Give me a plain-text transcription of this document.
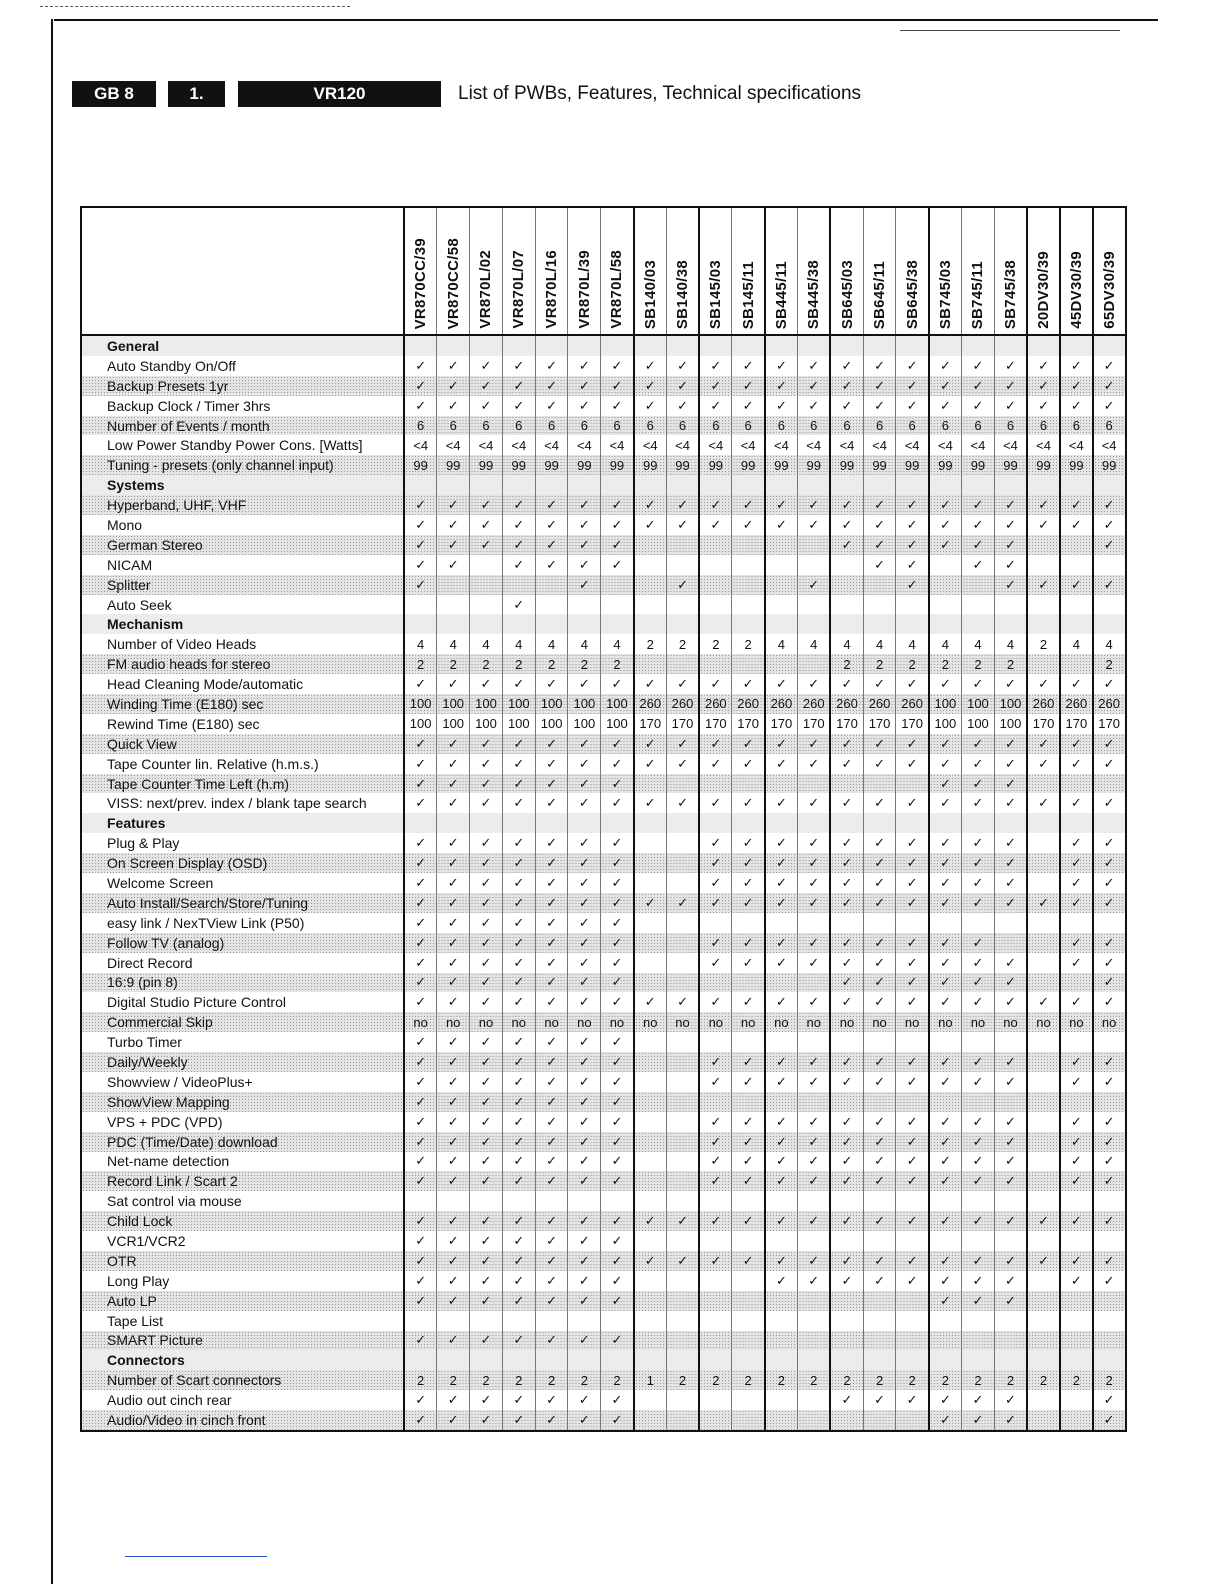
GB 8	1.	VR120	List of PWBs, Features, Technical specifications
	VR870CC/39	VR870CC/58	VR870L/02	VR870L/07	VR870L/16	VR870L/39	VR870L/58	SB140/03	SB140/38	SB145/03	SB145/11	SB445/11	SB445/38	SB645/03	SB645/11	SB645/38	SB745/03	SB745/11	SB745/38	20DV30/39	45DV30/39	65DV30/39
General																						
Auto Standby On/Off	✓	✓	✓	✓	✓	✓	✓	✓	✓	✓	✓	✓	✓	✓	✓	✓	✓	✓	✓	✓	✓	✓
Backup Presets 1yr	✓	✓	✓	✓	✓	✓	✓	✓	✓	✓	✓	✓	✓	✓	✓	✓	✓	✓	✓	✓	✓	✓
Backup Clock / Timer 3hrs	✓	✓	✓	✓	✓	✓	✓	✓	✓	✓	✓	✓	✓	✓	✓	✓	✓	✓	✓	✓	✓	✓
Number of Events / month	6	6	6	6	6	6	6	6	6	6	6	6	6	6	6	6	6	6	6	6	6	6
Low Power Standby Power Cons. [Watts]	<4	<4	<4	<4	<4	<4	<4	<4	<4	<4	<4	<4	<4	<4	<4	<4	<4	<4	<4	<4	<4	<4
Tuning - presets (only channel input)	99	99	99	99	99	99	99	99	99	99	99	99	99	99	99	99	99	99	99	99	99	99
Systems																						
Hyperband, UHF, VHF	✓	✓	✓	✓	✓	✓	✓	✓	✓	✓	✓	✓	✓	✓	✓	✓	✓	✓	✓	✓	✓	✓
Mono	✓	✓	✓	✓	✓	✓	✓	✓	✓	✓	✓	✓	✓	✓	✓	✓	✓	✓	✓	✓	✓	✓
German Stereo	✓	✓	✓	✓	✓	✓	✓							✓	✓	✓	✓	✓	✓			✓
NICAM	✓	✓		✓	✓	✓	✓								✓	✓		✓	✓			
Splitter	✓					✓			✓				✓			✓			✓	✓	✓	✓
Auto Seek				✓																		
Mechanism																						
Number of Video Heads	4	4	4	4	4	4	4	2	2	2	2	4	4	4	4	4	4	4	4	2	4	4
FM audio heads for stereo	2	2	2	2	2	2	2							2	2	2	2	2	2			2
Head Cleaning Mode/automatic	✓	✓	✓	✓	✓	✓	✓	✓	✓	✓	✓	✓	✓	✓	✓	✓	✓	✓	✓	✓	✓	✓
Winding Time (E180) sec	100	100	100	100	100	100	100	260	260	260	260	260	260	260	260	260	100	100	100	260	260	260
Rewind Time (E180) sec	100	100	100	100	100	100	100	170	170	170	170	170	170	170	170	170	100	100	100	170	170	170
Quick View	✓	✓	✓	✓	✓	✓	✓	✓	✓	✓	✓	✓	✓	✓	✓	✓	✓	✓	✓	✓	✓	✓
Tape Counter lin. Relative (h.m.s.)	✓	✓	✓	✓	✓	✓	✓	✓	✓	✓	✓	✓	✓	✓	✓	✓	✓	✓	✓	✓	✓	✓
Tape Counter Time Left (h.m)	✓	✓	✓	✓	✓	✓	✓										✓	✓	✓			
VISS: next/prev. index / blank tape search	✓	✓	✓	✓	✓	✓	✓	✓	✓	✓	✓	✓	✓	✓	✓	✓	✓	✓	✓	✓	✓	✓
Features																						
Plug & Play	✓	✓	✓	✓	✓	✓	✓			✓	✓	✓	✓	✓	✓	✓	✓	✓	✓		✓	✓
On Screen Display (OSD)	✓	✓	✓	✓	✓	✓	✓			✓	✓	✓	✓	✓	✓	✓	✓	✓	✓		✓	✓
Welcome Screen	✓	✓	✓	✓	✓	✓	✓			✓	✓	✓	✓	✓	✓	✓	✓	✓	✓		✓	✓
Auto Install/Search/Store/Tuning	✓	✓	✓	✓	✓	✓	✓	✓	✓	✓	✓	✓	✓	✓	✓	✓	✓	✓	✓	✓	✓	✓
easy link / NexTView Link (P50)	✓	✓	✓	✓	✓	✓	✓															
Follow TV (analog)	✓	✓	✓	✓	✓	✓	✓			✓	✓	✓	✓	✓	✓	✓	✓	✓			✓	✓
Direct Record	✓	✓	✓	✓	✓	✓	✓			✓	✓	✓	✓	✓	✓	✓	✓	✓	✓		✓	✓
16:9 (pin 8)	✓	✓	✓	✓	✓	✓	✓							✓	✓	✓	✓	✓	✓			✓
Digital Studio Picture Control	✓	✓	✓	✓	✓	✓	✓	✓	✓	✓	✓	✓	✓	✓	✓	✓	✓	✓	✓	✓	✓	✓
Commercial Skip	no	no	no	no	no	no	no	no	no	no	no	no	no	no	no	no	no	no	no	no	no	no
Turbo Timer	✓	✓	✓	✓	✓	✓	✓															
Daily/Weekly	✓	✓	✓	✓	✓	✓	✓			✓	✓	✓	✓	✓	✓	✓	✓	✓	✓		✓	✓
Showview / VideoPlus+	✓	✓	✓	✓	✓	✓	✓			✓	✓	✓	✓	✓	✓	✓	✓	✓	✓		✓	✓
ShowView Mapping	✓	✓	✓	✓	✓	✓	✓															
VPS + PDC (VPD)	✓	✓	✓	✓	✓	✓	✓			✓	✓	✓	✓	✓	✓	✓	✓	✓	✓		✓	✓
PDC (Time/Date) download	✓	✓	✓	✓	✓	✓	✓			✓	✓	✓	✓	✓	✓	✓	✓	✓	✓		✓	✓
Net-name detection	✓	✓	✓	✓	✓	✓	✓			✓	✓	✓	✓	✓	✓	✓	✓	✓	✓		✓	✓
Record Link / Scart 2	✓	✓	✓	✓	✓	✓	✓			✓	✓	✓	✓	✓	✓	✓	✓	✓	✓		✓	✓
Sat control via mouse																						
Child Lock	✓	✓	✓	✓	✓	✓	✓	✓	✓	✓	✓	✓	✓	✓	✓	✓	✓	✓	✓	✓	✓	✓
VCR1/VCR2	✓	✓	✓	✓	✓	✓	✓															
OTR	✓	✓	✓	✓	✓	✓	✓	✓	✓	✓	✓	✓	✓	✓	✓	✓	✓	✓	✓	✓	✓	✓
Long Play	✓	✓	✓	✓	✓	✓	✓					✓	✓	✓	✓	✓	✓	✓	✓		✓	✓
Auto LP	✓	✓	✓	✓	✓	✓	✓										✓	✓	✓			
Tape List																						
SMART Picture	✓	✓	✓	✓	✓	✓	✓															
Connectors																						
Number of Scart connectors	2	2	2	2	2	2	2	1	2	2	2	2	2	2	2	2	2	2	2	2	2	2
Audio out cinch rear	✓	✓	✓	✓	✓	✓	✓							✓	✓	✓	✓	✓	✓			✓
Audio/Video in cinch front	✓	✓	✓	✓	✓	✓	✓										✓	✓	✓			✓
